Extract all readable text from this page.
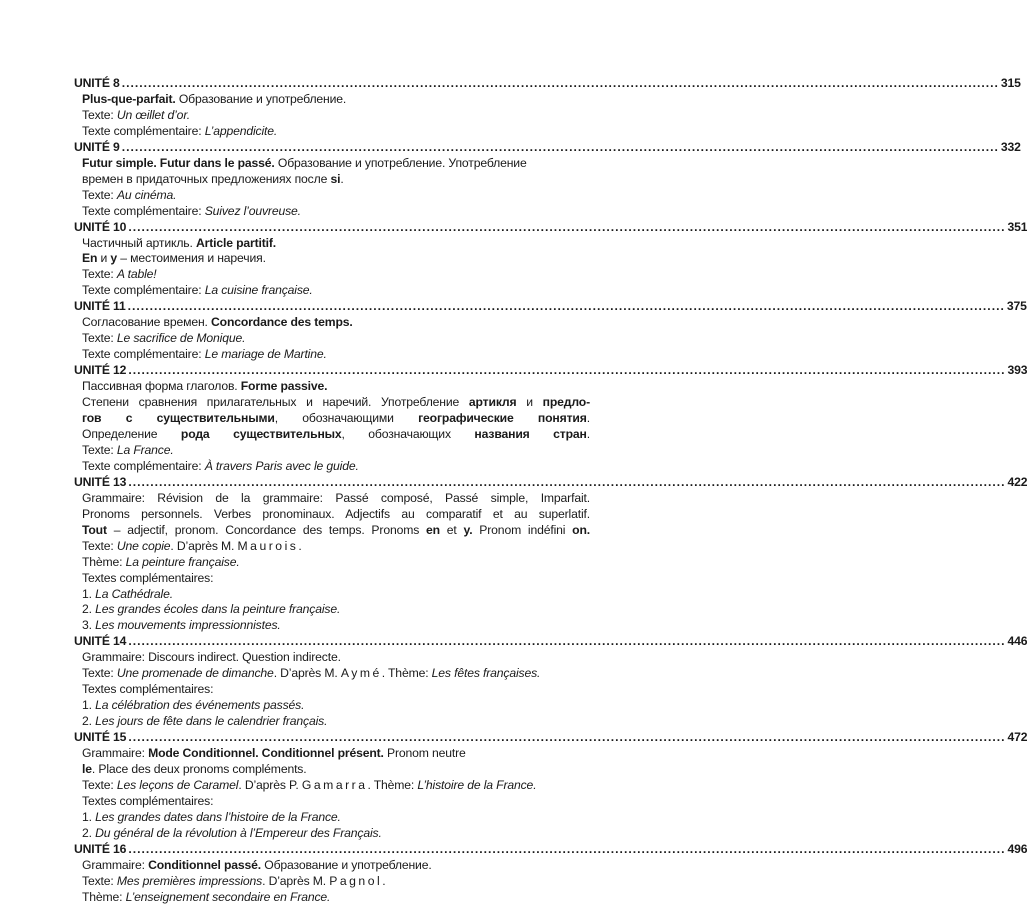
UNITÉ 8 ........................................................................................................................................................................................................ 315
Plus-que-parfait. Образование и употребление.
Texte: Un œillet d’or.
Texte complémentaire: L’appendicite.
UNITÉ 9 ........................................................................................................................................................................................................ 332
Futur simple. Futur dans le passé. Образование и употребление. Употребление
времен в придаточных предложениях после si.
Texte: Au cinéma.
Texte complémentaire: Suivez l’ouvreuse.
UNITÉ 10 ........................................................................................................................................................................................................ 351
Частичный артикль. Article partitif.
En и y – местоимения и наречия.
Texte: A table!
Texte complémentaire: La cuisine française.
UNITÉ 11 ........................................................................................................................................................................................................ 375
Согласование времен. Concordance des temps.
Texte: Le sacrifice de Monique.
Texte complémentaire: Le mariage de Martine.
UNITÉ 12 ........................................................................................................................................................................................................ 393
Пассивная форма глаголов. Forme passive.
Степени сравнения прилагательных и наречий. Употребление артикля и предло-
гов с существительными, обозначающими географические понятия.
Определение рода существительных, обозначающих названия стран.
Texte: La France.
Texte complémentaire: À travers Paris avec le guide.
UNITÉ 13 ........................................................................................................................................................................................................ 422
Grammaire: Révision de la grammaire: Passé composé, Passé simple, Imparfait.
Pronoms personnels. Verbes pronominaux. Adjectifs au comparatif et au superlatif.
Tout – adjectif, pronom. Concordance des temps. Pronoms en et y. Pronom indéfini on.
Texte: Une copie. D’après M. Maurois.
Thème: La peinture française.
Textes complémentaires:
1. La Cathédrale.
2. Les grandes écoles dans la peinture française.
3. Les mouvements impressionnistes.
UNITÉ 14 ........................................................................................................................................................................................................ 446
Grammaire: Discours indirect. Question indirecte.
Texte: Une promenade de dimanche. D’après M. Aymé. Thème: Les fêtes françaises.
Textes complémentaires:
1. La célébration des événements passés.
2. Les jours de fête dans le calendrier français.
UNITÉ 15 ........................................................................................................................................................................................................ 472
Grammaire: Mode Conditionnel. Conditionnel présent. Pronom neutre
le. Place des deux pronoms compléments.
Texte: Les leçons de Caramel. D’après P. Gamarra. Thème: L’histoire de la France.
Textes complémentaires:
1. Les grandes dates dans l’histoire de la France.
2. Du général de la révolution à l’Empereur des Français.
UNITÉ 16 ........................................................................................................................................................................................................ 496
Grammaire: Conditionnel passé. Образование и употребление.
Texte: Mes premières impressions. D’après M. Pagnol.
Thème: L’enseignement secondaire en France.
